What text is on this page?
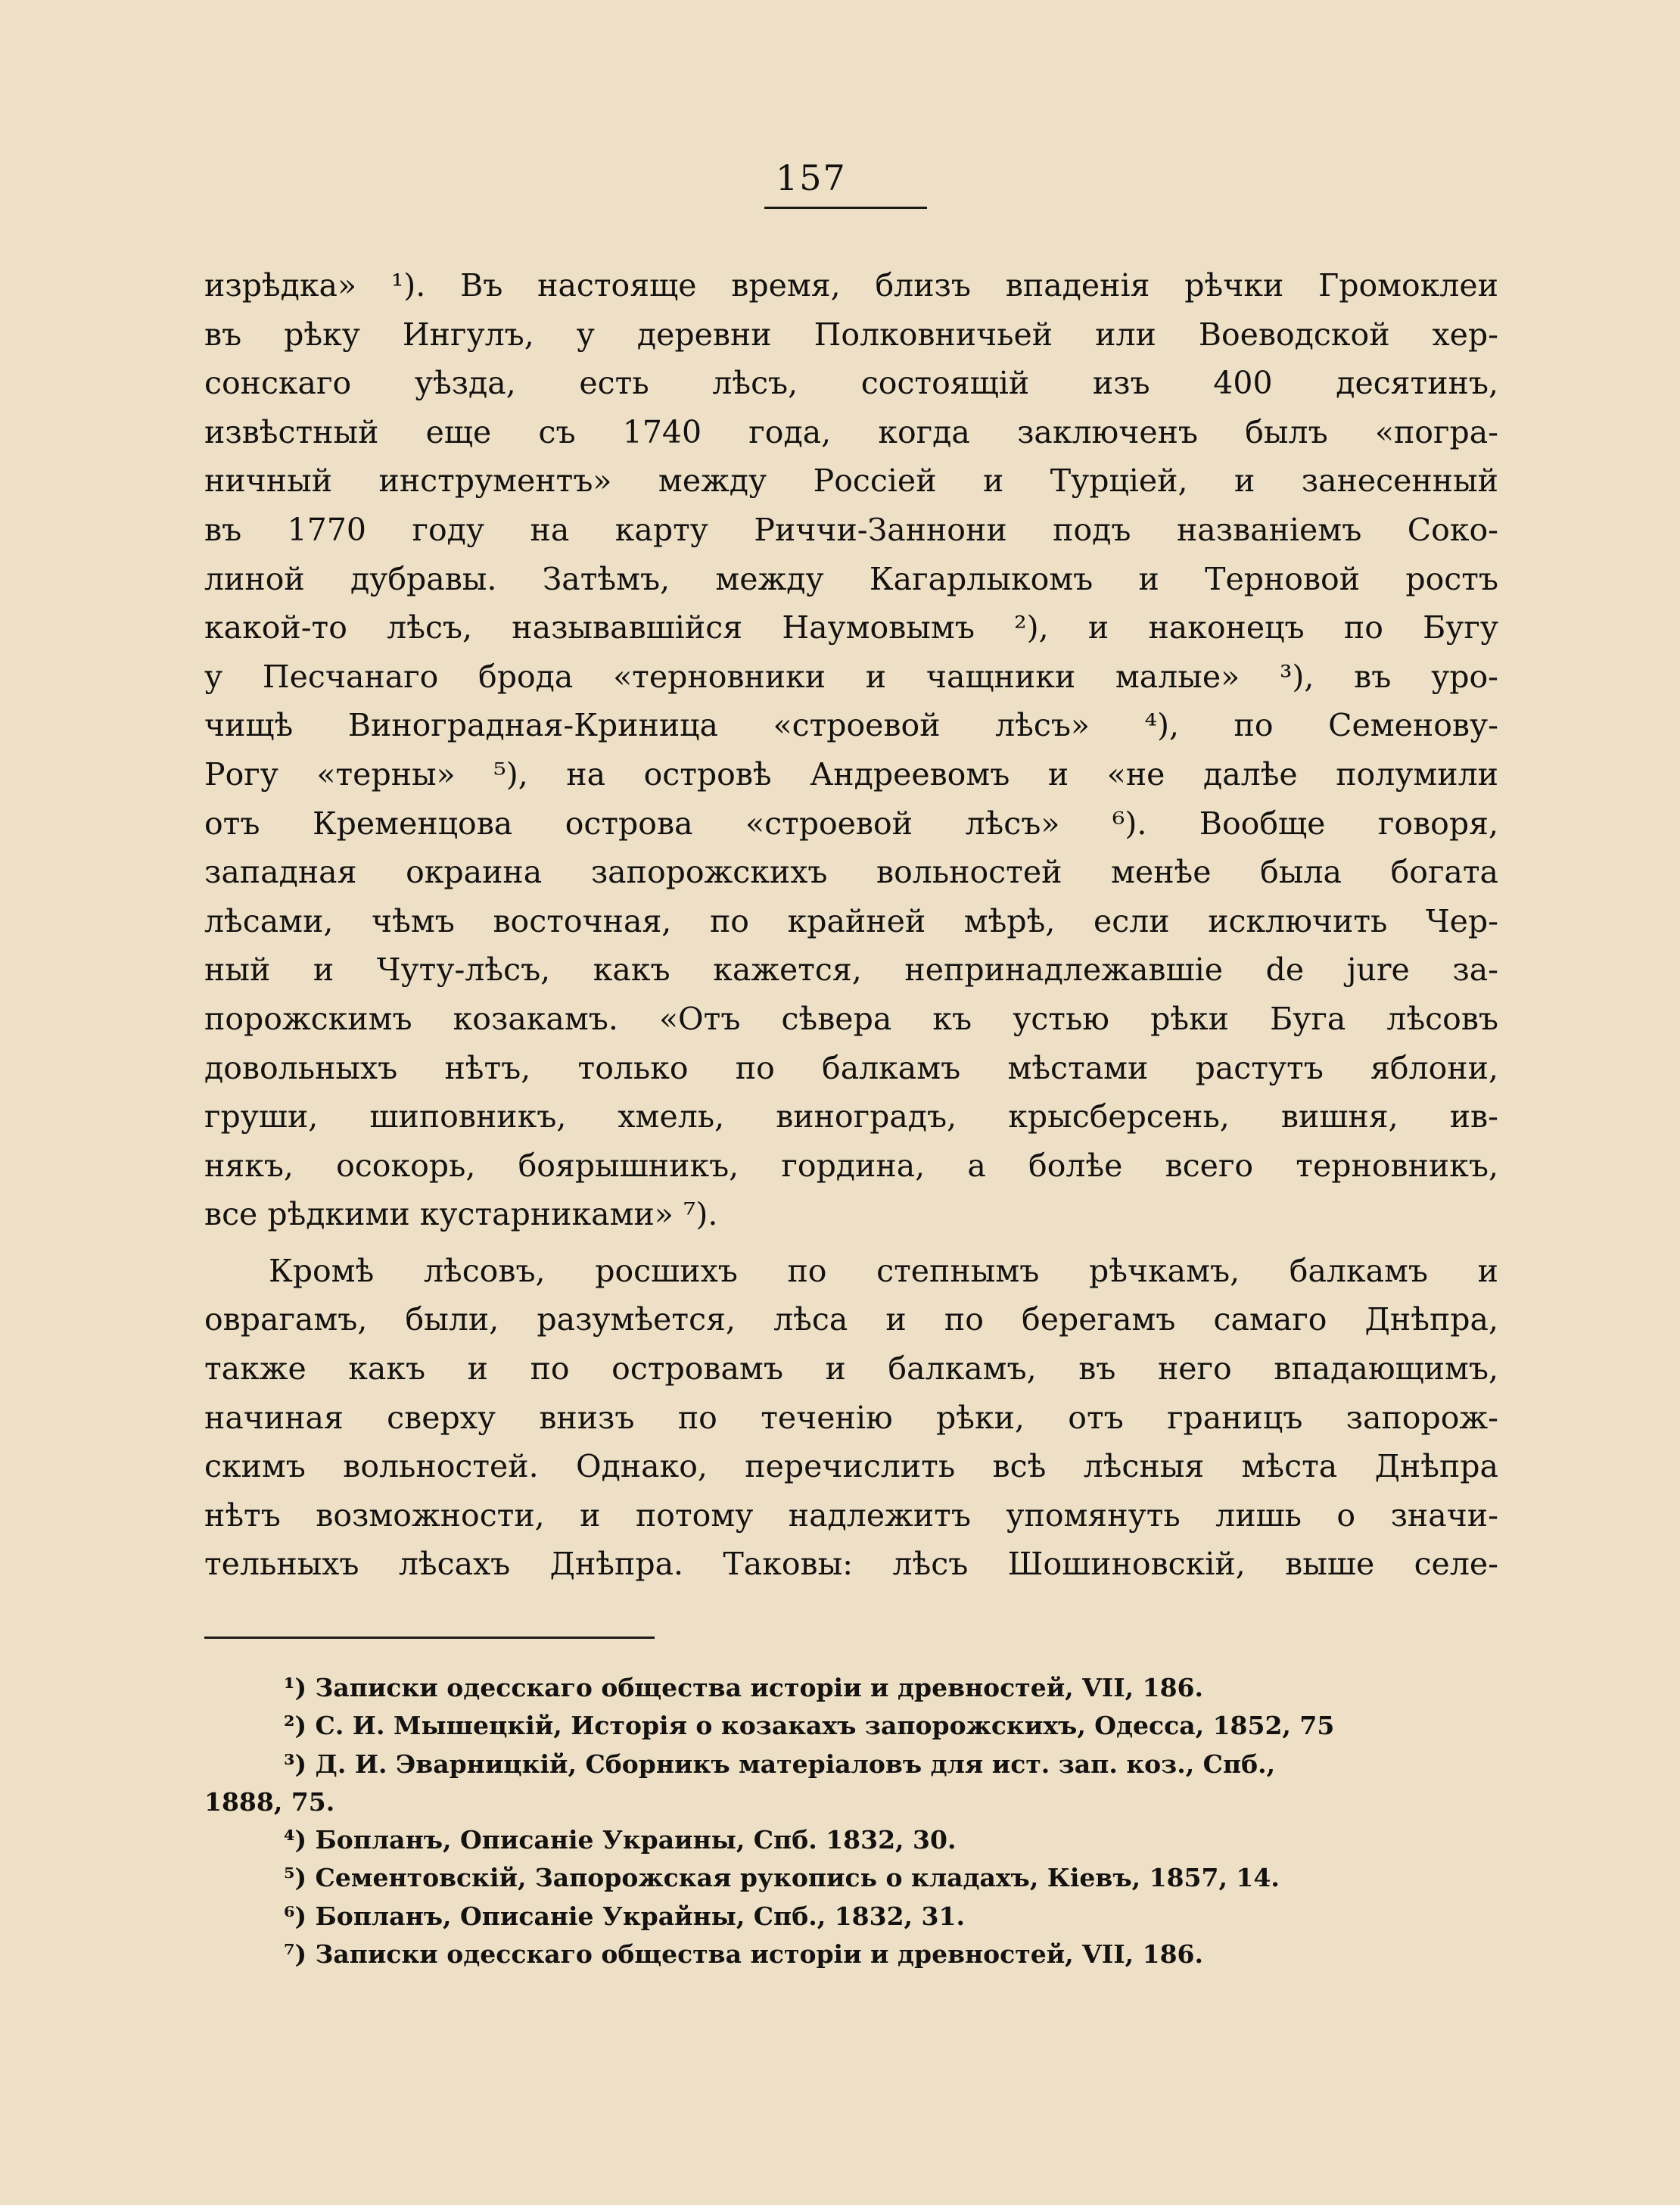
157
изрѣдка» ¹). Въ настояще время, близъ впаденія рѣчки Громоклеи
въ рѣку Ингулъ, у деревни Полковничьей или Воеводской хер-
сонскаго уѣзда, есть лѣсъ, состоящій изъ 400 десятинъ,
извѣстный еще съ 1740 года, когда заключенъ былъ «погра-
ничный инструментъ» между Россіей и Турціей, и занесенный
въ 1770 году на карту Риччи-Заннони подъ названіемъ Соко-
линой дубравы. Затѣмъ, между Кагарлыкомъ и Терновой ростъ
какой-то лѣсъ, называвшійся Наумовымъ ²), и наконецъ по Бугу
у Песчанаго брода «терновники и чащники малые» ³), въ уро-
чищѣ Виноградная-Криница «строевой лѣсъ» ⁴), по Семенову-
Рогу «терны» ⁵), на островѣ Андреевомъ и «не далѣе полумили
отъ Кременцова острова «строевой лѣсъ» ⁶). Вообще говоря,
западная окраина запорожскихъ вольностей менѣе была богата
лѣсами, чѣмъ восточная, по крайней мѣрѣ, если исключить Чер-
ный и Чуту-лѣсъ, какъ кажется, непринадлежавшіе de jure за-
порожскимъ козакамъ. «Отъ сѣвера къ устью рѣки Буга лѣсовъ
довольныхъ нѣтъ, только по балкамъ мѣстами растутъ яблони,
груши, шиповникъ, хмель, виноградъ, крысберсень, вишня, ив-
някъ, осокорь, боярышникъ, гордина, а болѣе всего терновникъ,
все рѣдкими кустарниками» ⁷).
Кромѣ лѣсовъ, росшихъ по степнымъ рѣчкамъ, балкамъ и
оврагамъ, были, разумѣется, лѣса и по берегамъ самаго Днѣпра,
также какъ и по островамъ и балкамъ, въ него впадающимъ,
начиная сверху внизъ по теченію рѣки, отъ границъ запорож-
скимъ вольностей. Однако, перечислить всѣ лѣсныя мѣста Днѣпра
нѣтъ возможности, и потому надлежитъ упомянуть лишь о значи-
тельныхъ лѣсахъ Днѣпра. Таковы: лѣсъ Шошиновскій, выше селе-
¹) Записки одесскаго общества исторіи и древностей, VII, 186.
²) С. И. Мышецкій, Исторія о козакахъ запорожскихъ, Одесса, 1852, 75
³) Д. И. Эварницкій, Сборникъ матеріаловъ для ист. зап. коз., Спб.,
1888, 75.
⁴) Бопланъ, Описаніе Украины, Спб. 1832, 30.
⁵) Сементовскій, Запорожская рукопись о кладахъ, Кіевъ, 1857, 14.
⁶) Бопланъ, Описаніе Украйны, Спб., 1832, 31.
⁷) Записки одесскаго общества исторіи и древностей, VII, 186.
